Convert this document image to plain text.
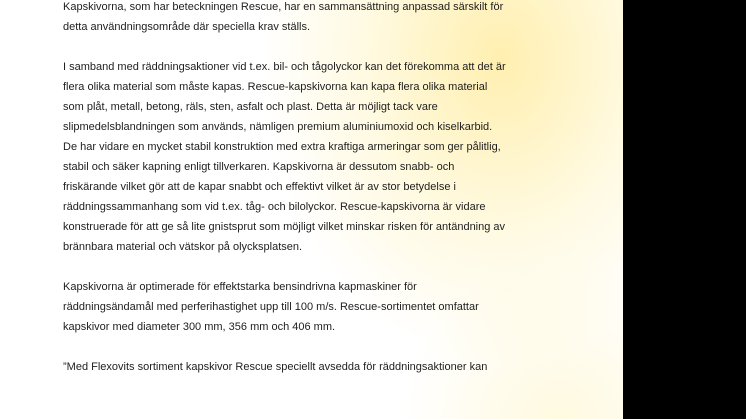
Kapskivorna, som har beteckningen Rescue, har en sammansättning anpassad särskilt för
detta användningsområde där speciella krav ställs.

I samband med räddningsaktioner vid t.ex. bil- och tågolyckor kan det förekomma att det är
flera olika material som måste kapas. Rescue-kapskivorna kan kapa flera olika material
som plåt, metall, betong, räls, sten, asfalt och plast. Detta är möjligt tack vare
slipmedelsblandningen som används, nämligen premium aluminiumoxid och kiselkarbid.
De har vidare en mycket stabil konstruktion med extra kraftiga armeringar som ger pålitlig,
stabil och säker kapning enligt tillverkaren. Kapskivorna är dessutom snabb- och
friskärande vilket gör att de kapar snabbt och effektivt vilket är av stor betydelse i
räddningssammanhang som vid t.ex. tåg- och bilolyckor. Rescue-kapskivorna är vidare
konstruerade för att ge så lite gnistsprut som möjligt vilket minskar risken för antändning av
brännbara material och vätskor på olycksplatsen.

Kapskivorna är optimerade för effektstarka bensindrivna kapmaskiner för
räddningsändamål med perferihastighet upp till 100 m/s. Rescue-sortimentet omfattar
kapskivor med diameter 300 mm, 356 mm och 406 mm.

”Med Flexovits sortiment kapskivor Rescue speciellt avsedda för räddningsaktioner kan
